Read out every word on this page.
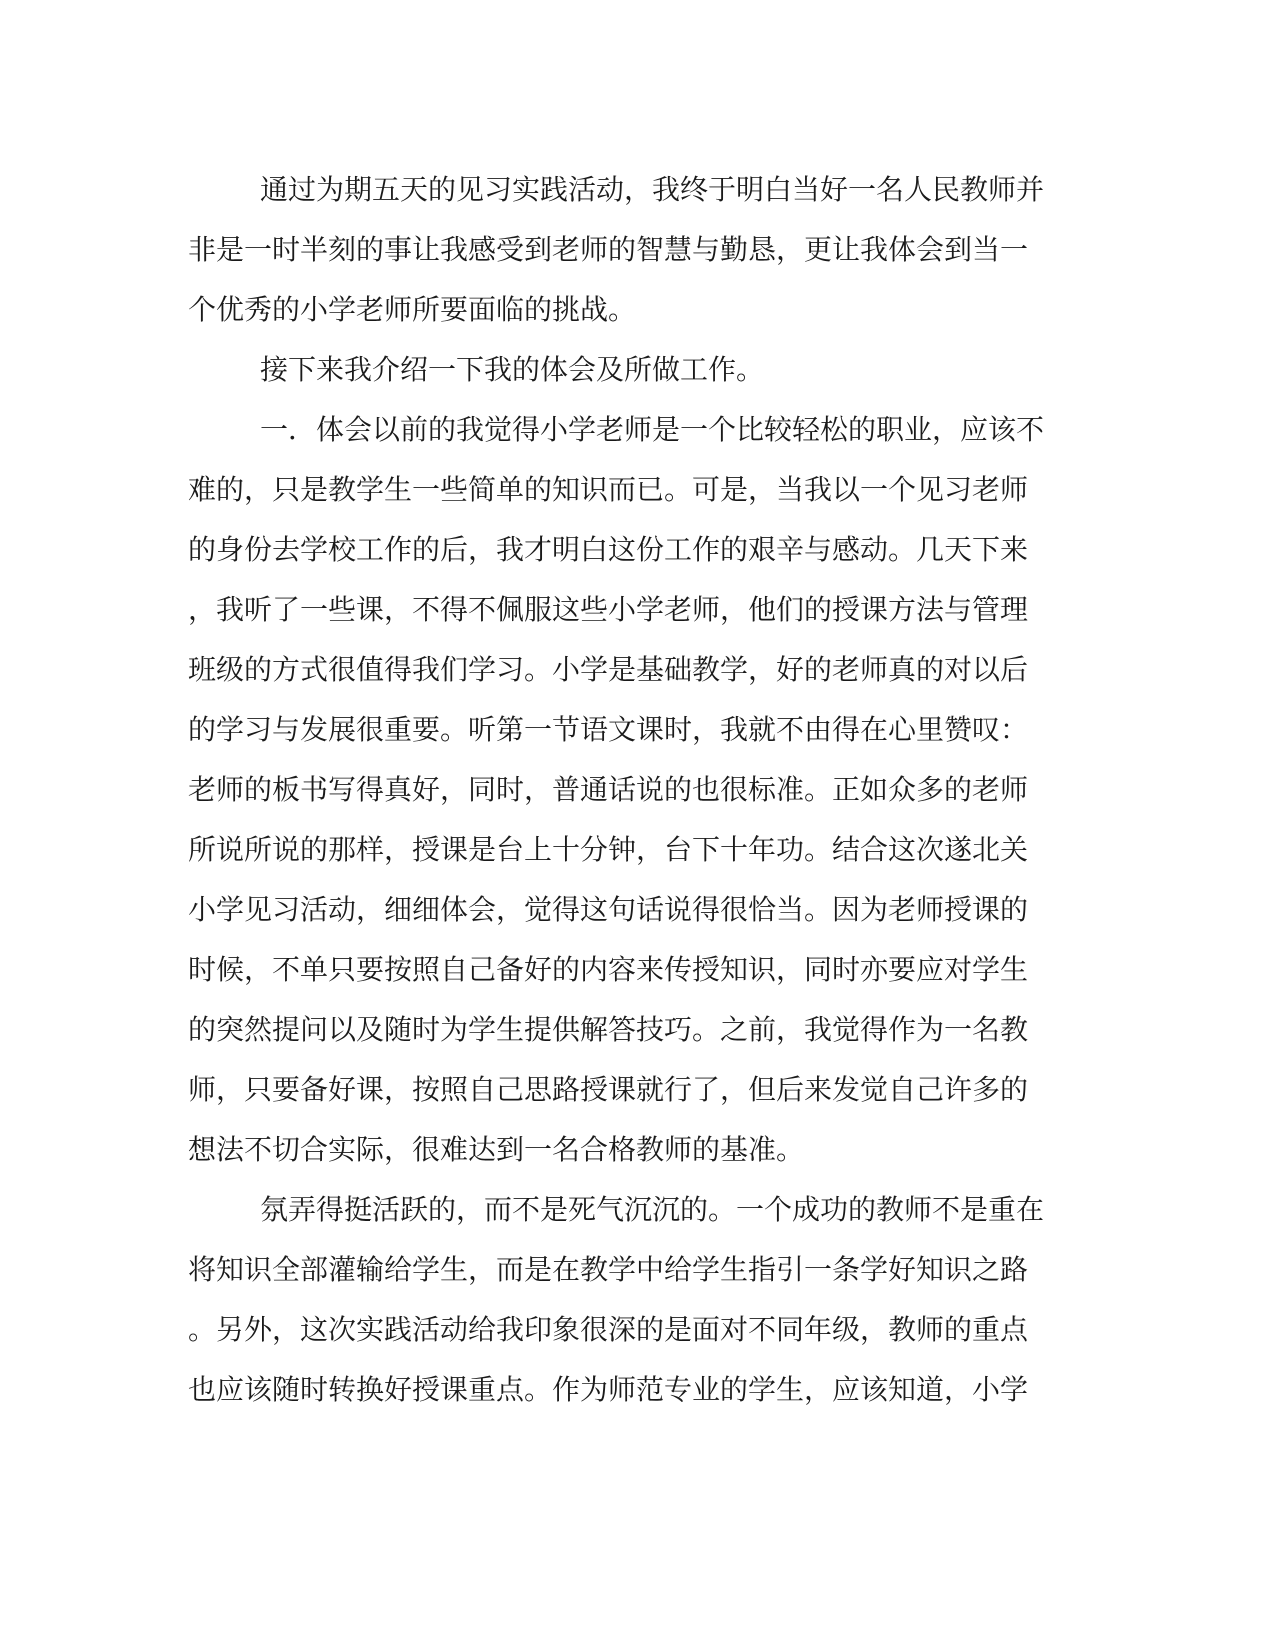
通过为期五天的见习实践活动，我终于明白当好一名人民教师并
非是一时半刻的事让我感受到老师的智慧与勤恳，更让我体会到当一
个优秀的小学老师所要面临的挑战。
接下来我介绍一下我的体会及所做工作。
一．体会以前的我觉得小学老师是一个比较轻松的职业，应该不
难的，只是教学生一些简单的知识而已。可是，当我以一个见习老师
的身份去学校工作的后，我才明白这份工作的艰辛与感动。几天下来
，我听了一些课，不得不佩服这些小学老师，他们的授课方法与管理
班级的方式很值得我们学习。小学是基础教学，好的老师真的对以后
的学习与发展很重要。听第一节语文课时，我就不由得在心里赞叹：
老师的板书写得真好，同时，普通话说的也很标准。正如众多的老师
所说所说的那样，授课是台上十分钟，台下十年功。结合这次遂北关
小学见习活动，细细体会，觉得这句话说得很恰当。因为老师授课的
时候，不单只要按照自己备好的内容来传授知识，同时亦要应对学生
的突然提问以及随时为学生提供解答技巧。之前，我觉得作为一名教
师，只要备好课，按照自己思路授课就行了，但后来发觉自己许多的
想法不切合实际，很难达到一名合格教师的基准。
氛弄得挺活跃的，而不是死气沉沉的。一个成功的教师不是重在
将知识全部灌输给学生，而是在教学中给学生指引一条学好知识之路
。另外，这次实践活动给我印象很深的是面对不同年级，教师的重点
也应该随时转换好授课重点。作为师范专业的学生，应该知道，小学
